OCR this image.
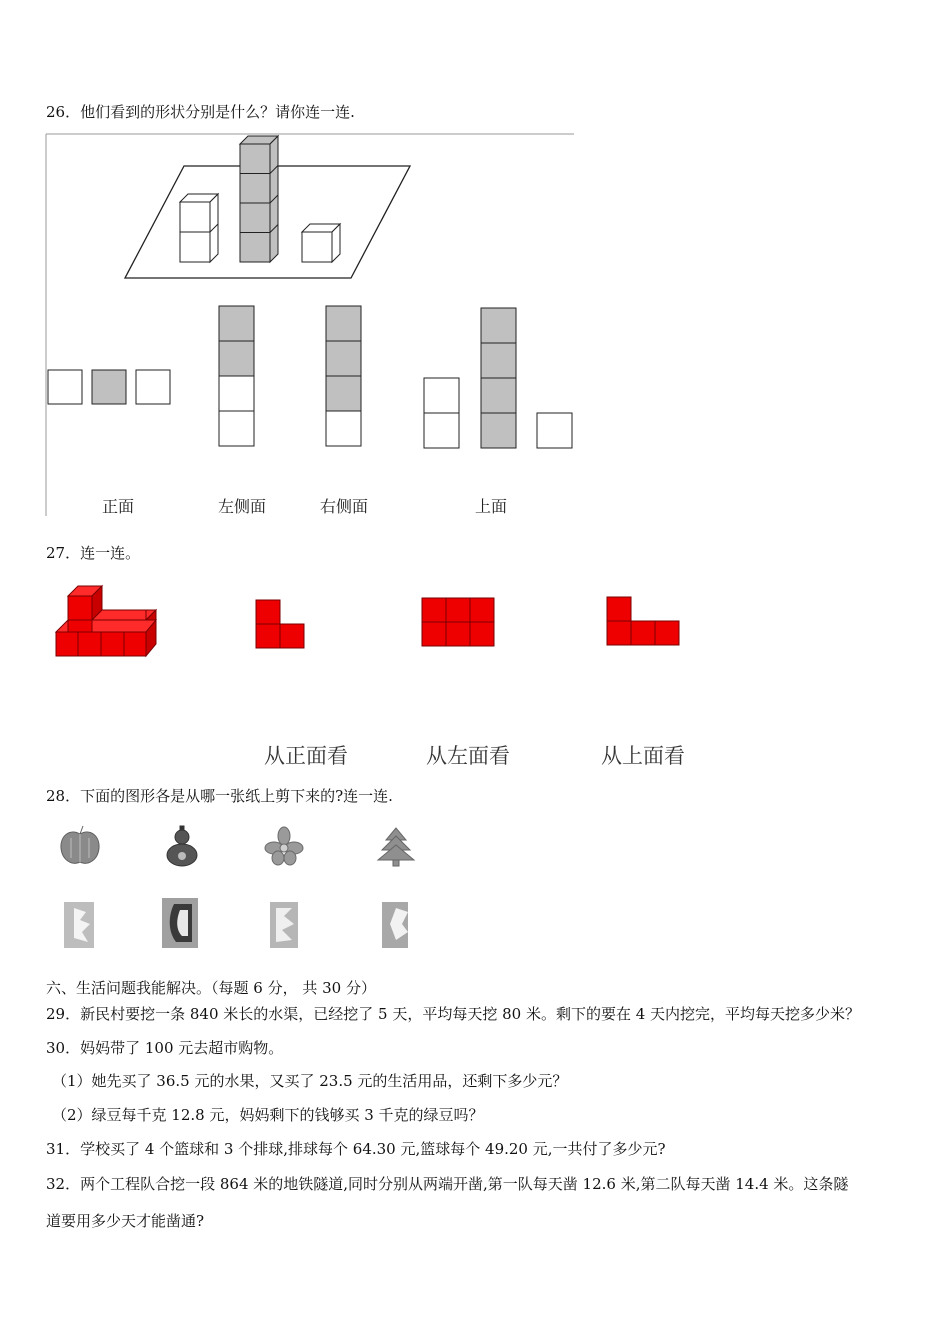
26．他们看到的形状分别是什么？请你连一连.
正面	左侧面	右侧面	上面
27．连一连。
从正面看	从左面看	从上面看
28．下面的图形各是从哪一张纸上剪下来的?连一连.
六、生活问题我能解决。（每题 6 分， 共 30 分）
29．新民村要挖一条 840 米长的水渠，已经挖了 5 天，平均每天挖 80 米。剩下的要在 4 天内挖完，平均每天挖多少米？
30．妈妈带了 100 元去超市购物。
（1）她先买了 36.5 元的水果，又买了 23.5 元的生活用品，还剩下多少元？
（2）绿豆每千克 12.8 元，妈妈剩下的钱够买 3 千克的绿豆吗？
31．学校买了 4 个篮球和 3 个排球,排球每个 64.30 元,篮球每个 49.20 元,一共付了多少元?
32．两个工程队合挖一段 864 米的地铁隧道,同时分别从两端开凿,第一队每天凿 12.6 米,第二队每天凿 14.4 米。这条隧
道要用多少天才能凿通?
